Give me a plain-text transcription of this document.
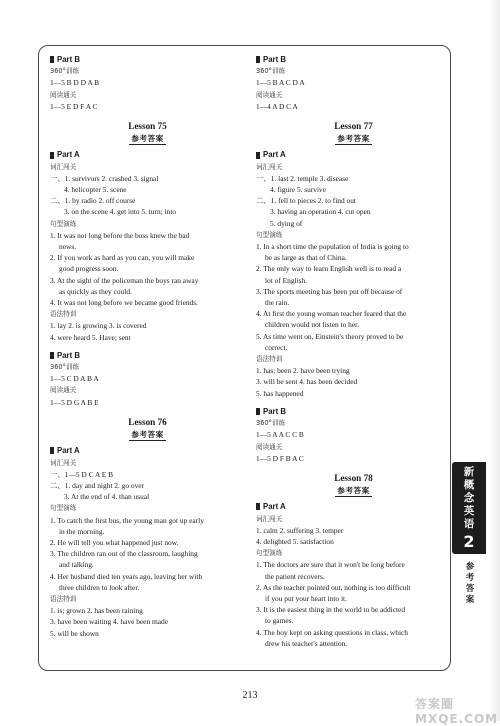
Part B
360°训练
1—5 B D D A B
阅读通关
1—5 E D F A C
Lesson 75
参考答案
Part A
词汇闯关
一、1. survivors 2. crashed 3. signal
4. helicopter 5. scene
二、1. by radio 2. off course
3. on the scene 4. get into 5. turn; into
句型演练
1. It was not long before the boss knew the bad
news.
2. If you work as hard as you can, you will make
good progress soon.
3. At the sight of the policeman the boys ran away
as quickly as they could.
4. It was not long before we became good friends.
语法特训
1. lay 2. is growing 3. is covered
4. were heard 5. Have; sent
Part B
360°训练
1—5 C D A B A
阅读通关
1—5 D G A B E
Lesson 76
参考答案
Part A
词汇闯关
一、1—5 D C A E B
二、1. day and night 2. go over
3. At the end of 4. than usual
句型演练
1. To catch the first bus, the young man got up early
in the morning.
2. He will tell you what happened just now.
3. The children ran out of the classroom, laughing
and talking.
4. Her husband died ten years ago, leaving her with
three children to look after.
语法特训
1. is; grown 2. has been raining
3. have been waiting 4. have been made
5. will be shown
Part B
360°训练
1—5 B A C D A
阅读通关
1—4 A D C A
Lesson 77
参考答案
Part A
词汇闯关
一、1. last 2. temple 3. disease
4. figure 5. survive
二、1. fell to pieces 2. to find out
3. having an operation 4. cut open
5. dying of
句型演练
1. In a short time the population of India is going to
be as large as that of China.
2. The only way to learn English well is to read a
lot of English.
3. The sports meeting has been put off because of
the rain.
4. At first the young woman teacher feared that the
children would not listen to her.
5. As time went on, Einstein's theory proved to be
correct.
语法特训
1. has; been 2. have been trying
3. will be sent 4. has been decided
5. has happened
Part B
360°训练
1—5 A A C C B
阅读通关
1—5 D F B A C
Lesson 78
参考答案
Part A
词汇闯关
1. calm 2. suffering 3. temper
4. delighted 5. satisfaction
句型演练
1. The doctors are sure that it won't be long before
the patient recovers.
2. As the teacher pointed out, nothing is too difficult
if you put your heart into it.
3. It is the easiest thing in the world to be addicted
to games.
4. The boy kept on asking questions in class, which
drew his teacher's attention.
新
概
念
英
语
2
参
考
答
案
213
答案圈 MXQE.COM
